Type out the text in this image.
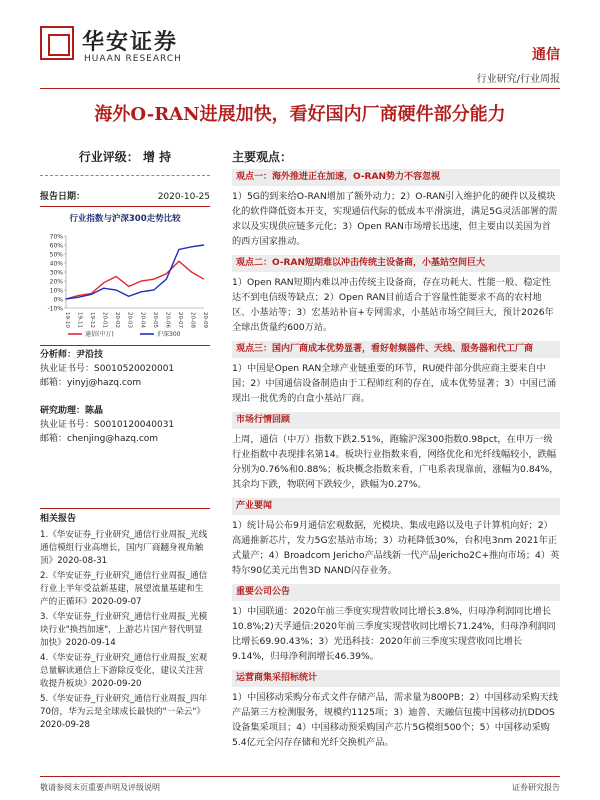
华安证券
HUAAN RESEARCH	通信
行业研究/行业周报
海外O-RAN进展加快，看好国内厂商硬件部分能力
行业评级： 增 持
报告日期：	2020-10-25
行业指数与沪深300走势比较
70%
60%
50%
40%
30%
20%
10%
0%
-10%
19-10 19-11 19-12 20-01 20-02 20-03 20-04 20-05 20-06 20-07 20-08 20-09
通信(中万)	沪深300

分析师：尹沿技

执业证书号：S0010520020001

邮箱：yinyj@hazq.com

研究助理：陈晶

执业证书号：S0010120040031

邮箱：chenjing@hazq.com

相关报告

1.《华安证券_行业研究_通信行业周报_光线通信模组行业高增长，国内厂商翻身视角触顶》2020-08-31

2.《华安证券_行业研究_通信行业周报_通信行业上半年受益新基建，展望流量基建和生产的正循环》2020-09-07

3.《华安证券_行业研究_通信行业周报_光模块行业"换挡加速"，上游芯片国产替代明显加快》2020-09-14

4.《华安证券_行业研究_通信行业周报_宏观总量解读通信上下游除反变化，建议关注营收提升板块》2020-09-20

5.《华安证券_行业研究_通信行业周报_四年70倍，华为云是全球成长最快的"一朵云"》2020-09-28

主要观点：

观点一：海外推进正在加速，O-RAN势力不容忽视

1）5G的到来给O-RAN增加了额外动力；2）O-RAN引入维护化的硬件以及模块化的软件降低资本开支，实现通信代际的低成本平滑演进，满足5G灵活部署的需求以及实现供应链多元化；3）Open RAN市场增长迅速，但主要由以美国为首的西方国家推动。

观点二：O-RAN短期难以冲击传统主设备商，小基站空间巨大

1）Open RAN短期内难以冲击传统主设备商，存在功耗大、性能一般、稳定性达不到电信级等缺点；2）Open RAN目前适合于容量性能要求不高的农村地区、小基站等；3）宏基站补盲+专网需求，小基站市场空间巨大，预计2026年全球出货量约600万站。

观点三：国内厂商成本优势显著，看好射频器件、天线、服务器和代工厂商

1）中国是Open RAN全球产业链重要的环节，RU硬件部分供应商主要来自中国；2）中国通信设备制造由于工程师红利的存在，成本优势显著；3）中国已涌现出一批优秀的白盒小基站厂商。

市场行情回顾

上周，通信（中万）指数下跌2.51%，跑输沪深300指数0.98pct，在申万一级行业指数中表现排名第14。板块行业指数来看，网络优化和光纤线幅较小，跌幅分别为0.76%和0.88%；板块概念指数来看，广电系表现靠前，涨幅为0.84%，其余均下跌，物联网下跌较少，跌幅为0.27%。

产业要闻

1）统计局公布9月通信宏观数据，光模块、集成电路以及电子计算机向好；2）高通推新芯片，发力5G宏基站市场；3）功耗降低30%，台积电3nm 2021年正式量产；4）Broadcom Jericho产品线新一代产品Jericho2C+推向市场；4）英特尔90亿美元出售3D NAND闪存业务。

重要公司公告

1）中国联通：2020年前三季度实现营收同比增长3.8%，归母净利润同比增长10.8%;2)天孚通信:2020年前三季度实现营收同比增长71.24%，归母净利润同比增长69.90.43%；3）光迅科技：2020年前三季度实现营收同比增长9.14%，归母净利润增长46.39%。

运营商集采招标统计

1）中国移动采购分布式文件存储产品，需求量为800PB；2）中国移动采购天线产品第三方检测服务，规模约1125项；3）迪普、天融信包揽中国移动抗DDOS设备集采项目；4）中国移动预采购国产芯片5G模组500个；5）中国移动采购5.4亿元全闪存存储和光纤交换机产品。

敬请参阅末页重要声明及评级说明	证券研究报告
